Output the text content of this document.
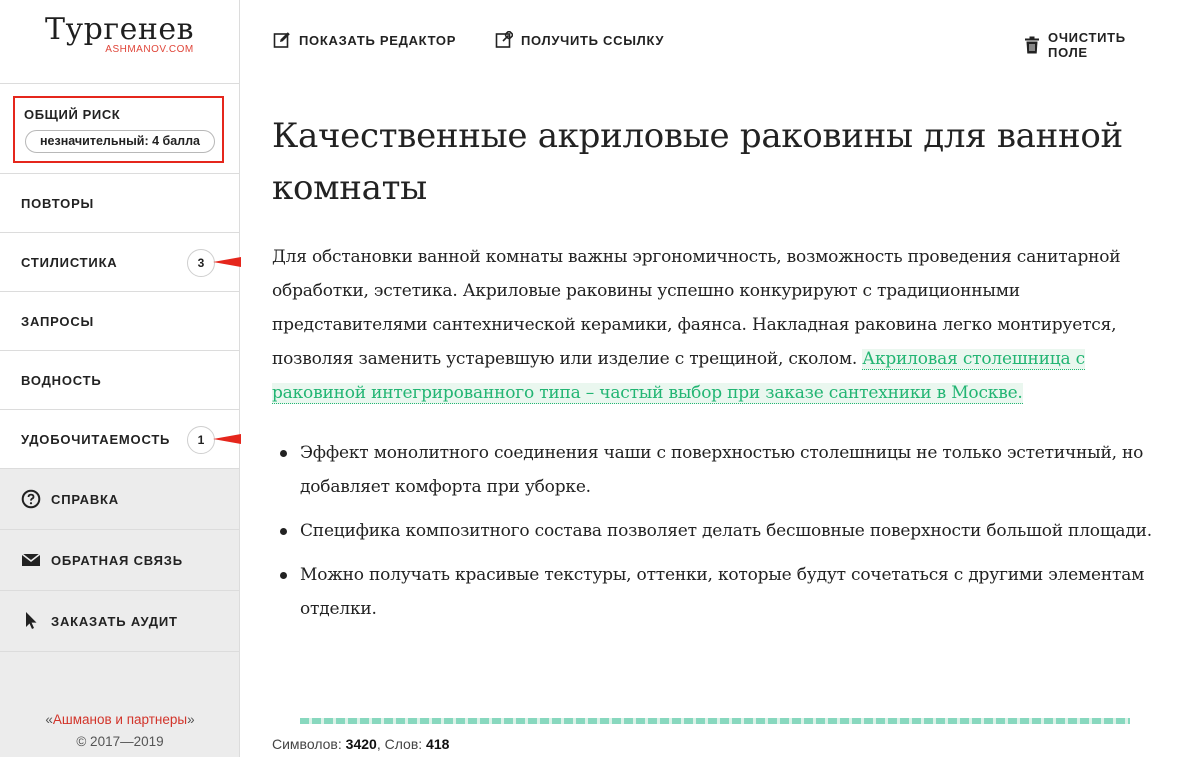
Тургенев
ASHMANOV.COM
ОБЩИЙ РИСК
незначительный: 4 балла
ПОВТОРЫ
СТИЛИСТИКА	3
ЗАПРОСЫ
ВОДНОСТЬ
УДОБОЧИТАЕМОСТЬ	1
СПРАВКА
ОБРАТНАЯ СВЯЗЬ
ЗАКАЗАТЬ АУДИТ
«Ашманов и партнеры»
© 2017—2019
ПОКАЗАТЬ РЕДАКТОР	ПОЛУЧИТЬ ССЫЛКУ	ОЧИСТИТЬ ПОЛЕ
Качественные акриловые раковины для ванной комнаты

Для обстановки ванной комнаты важны эргономичность, возможность проведения санитарной обработки, эстетика. Акриловые раковины успешно конкурируют с традиционными представителями сантехнической керамики, фаянса. Накладная раковина легко монтируется, позволяя заменить устаревшую или изделие с трещиной, сколом. Акриловая столешница с раковиной интегрированного типа – частый выбор при заказе сантехники в Москве.

Эффект монолитного соединения чаши с поверхностью столешницы не только эстетичный, но добавляет комфорта при уборке.
Специфика композитного состава позволяет делать бесшовные поверхности большой площади.
Можно получать красивые текстуры, оттенки, которые будут сочетаться с другими элементам отделки.
Символов: 3420, Слов: 418
